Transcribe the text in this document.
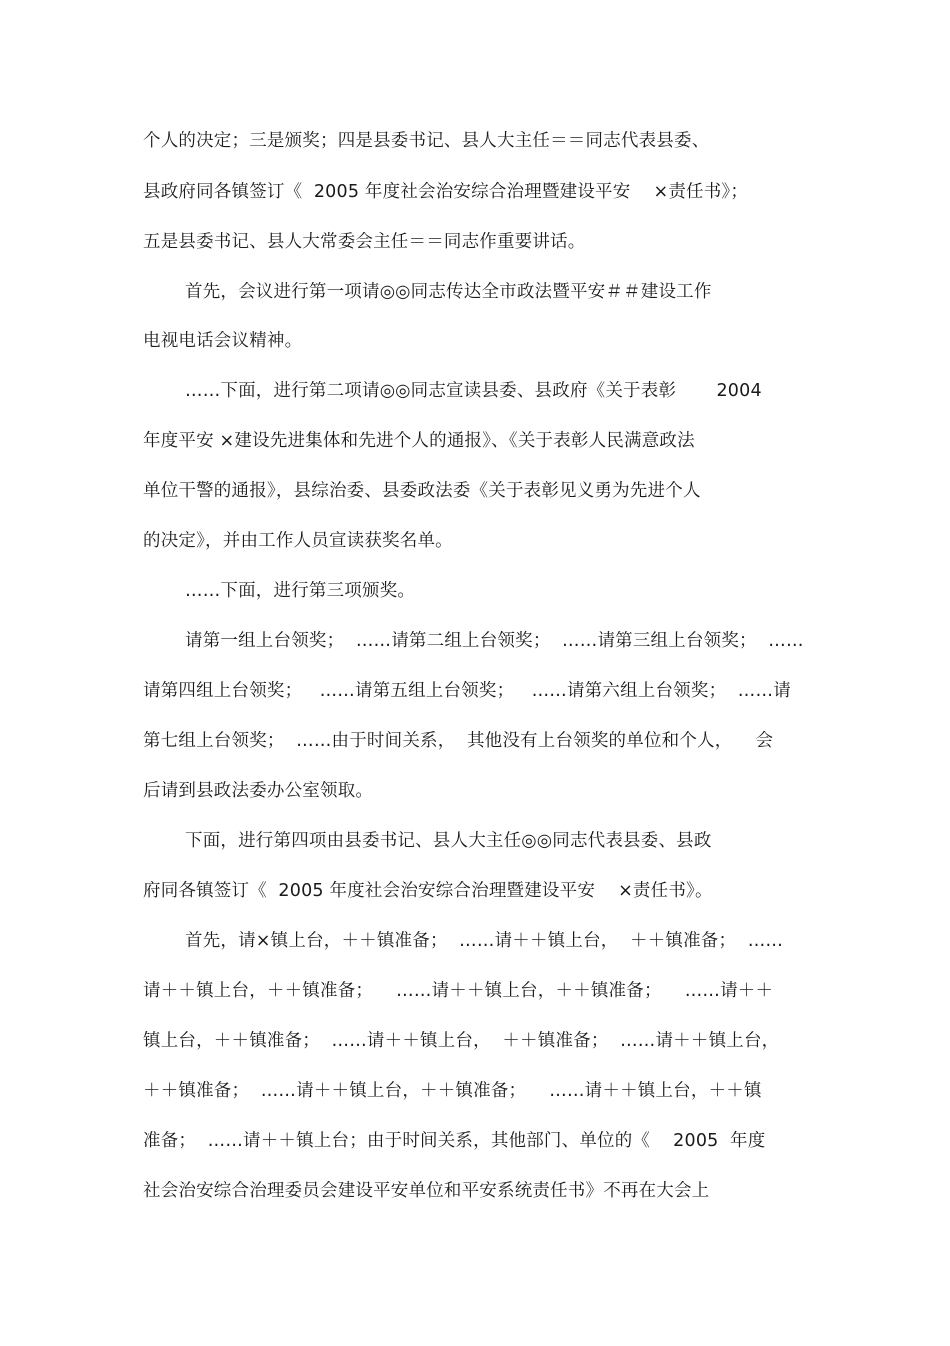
个人的决定；三是颁奖；四是县委书记、县人大主任＝＝同志代表县委、
县政府同各镇签订《  2005 年度社会治安综合治理暨建设平安    ×责任书》；
五是县委书记、县人大常委会主任＝＝同志作重要讲话。
首先，会议进行第一项请◎◎同志传达全市政法暨平安＃＃建设工作
电视电话会议精神。
……下面，进行第二项请◎◎同志宣读县委、县政府《关于表彰       2004
年度平安 ×建设先进集体和先进个人的通报》、《关于表彰人民满意政法
单位干警的通报》，县综治委、县委政法委《关于表彰见义勇为先进个人
的决定》，并由工作人员宣读获奖名单。
……下面，进行第三项颁奖。
请第一组上台领奖；  ……请第二组上台领奖；  ……请第三组上台领奖；  ……
请第四组上台领奖；   ……请第五组上台领奖；   ……请第六组上台领奖；  ……请
第七组上台领奖；  ……由于时间关系，  其他没有上台领奖的单位和个人，    会
后请到县政法委办公室领取。
下面，进行第四项由县委书记、县人大主任◎◎同志代表县委、县政
府同各镇签订《  2005 年度社会治安综合治理暨建设平安    ×责任书》。
首先，请×镇上台，＋＋镇准备；  ……请＋＋镇上台，  ＋＋镇准备；  ……
请＋＋镇上台，＋＋镇准备；    ……请＋＋镇上台，＋＋镇准备；    ……请＋＋
镇上台，＋＋镇准备；  ……请＋＋镇上台，  ＋＋镇准备；  ……请＋＋镇上台，
＋＋镇准备；  ……请＋＋镇上台，＋＋镇准备；    ……请＋＋镇上台，＋＋镇
准备；  ……请＋＋镇上台；由于时间关系，其他部门、单位的《    2005  年度
社会治安综合治理委员会建设平安单位和平安系统责任书》不再在大会上
